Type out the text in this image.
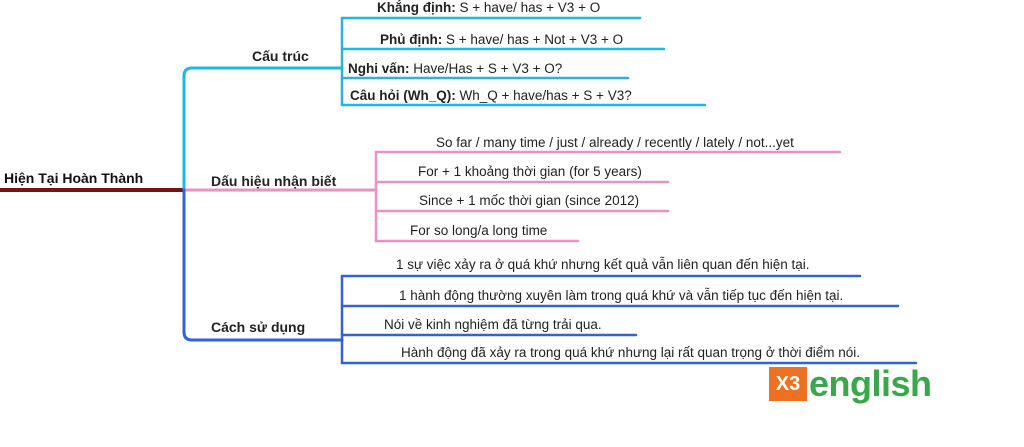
Hiện Tại Hoàn Thành
Cấu trúc
Dấu hiệu nhận biết
Cách sử dụng
Khẳng định: S + have/ has + V3 + O
Phủ định: S + have/ has + Not + V3 + O
Nghi vấn: Have/Has + S + V3 + O?
Câu hỏi (Wh_Q): Wh_Q + have/has + S + V3?
So far / many time / just / already / recently / lately / not...yet
For + 1 khoảng thời gian (for 5 years)
Since + 1 mốc thời gian (since 2012)
For so long/a long time
1 sự việc xảy ra ở quá khứ nhưng kết quả vẫn liên quan đến hiện tại.
1 hành động thường xuyên làm trong quá khứ và vẫn tiếp tục đến hiện tại.
Nói về kinh nghiệm đã từng trải qua.
Hành động đã xảy ra trong quá khứ nhưng lại rất quan trọng ở thời điểm nói.
X3 english
